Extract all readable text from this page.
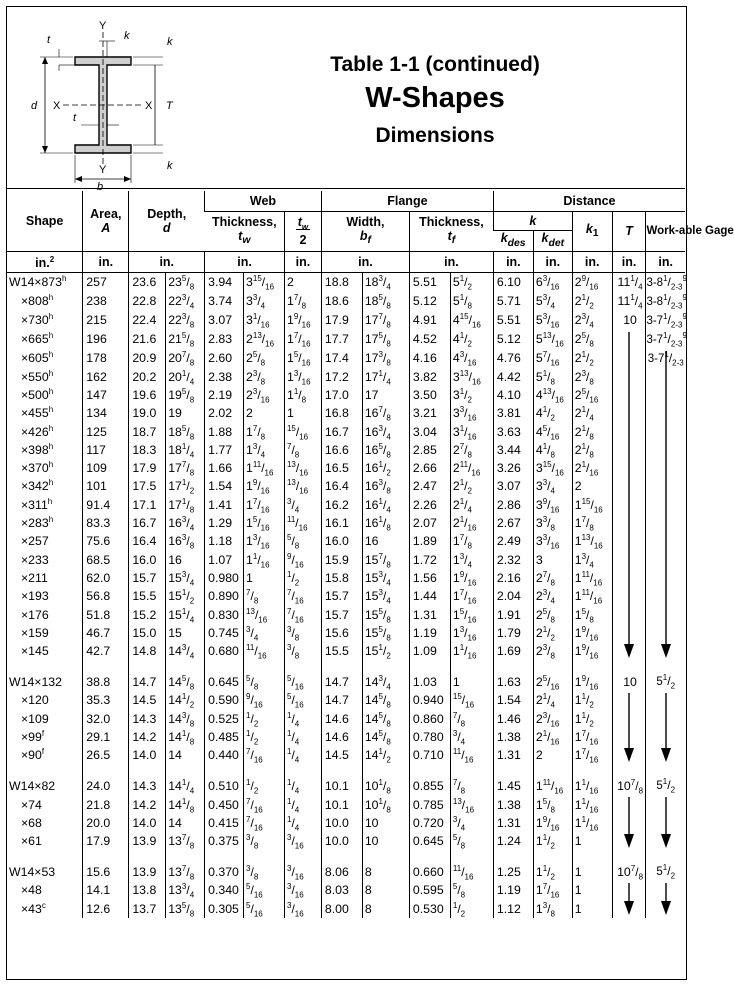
Y
Y
X	X
t	k	k
k
d	T
t
b
Table 1-1 (continued)
W-Shapes
Dimensions
Shape	Area,
A	Depth,
d		Web			Flange				Distance				
				Thickness,
$t_w$		$\frac{t_w}{2}$	Width,
$b_f$		Thickness,
$t_f$		k		$k_1$	T	Work-able Gage
											$k_{des}$	$k_{det}$
in.$^2$	in.	in.		in.		in.	in.		in.		in.	in.	in.	in.	in.
$W14\times 873^h$	257	23.6	$23^5/_8$	3.94	$3^{15}/_{16}$	2	18.8	$18^3/_4$	5.51	$5^1/_2$	6.10	$6^3/_{16}$	$2^9/_{16}$	$11^1/_4$	$3-8^1/_{2-3}^9$
$\times 808^h$	238	22.8	$22^3/_4$	3.74	$3^3/_4$	$1^7/_8$	18.6	$18^5/_8$	5.12	$5^1/_8$	5.71	$5^3/_4$	$2^1/_2$	$11^1/_4$	$3-8^1/_{2-3}^9$
$\times 730^h$	215	22.4	$22^3/_8$	3.07	$3^1/_{16}$	$1^9/_{16}$	17.9	$17^7/_8$	4.91	$4^{15}/_{16}$	5.51	$5^3/_{16}$	$2^3/_4$	10	$3-7^1/_{2-3}^9$
$\times 665^h$	196	21.6	$21^5/_8$	2.83	$2^{13}/_{16}$	$1^7/_{16}$	17.7	$17^5/_8$	4.52	$4^1/_2$	5.12	$5^{13}/_{16}$	$2^5/_8$		$3-7^1/_{2-3}^9$
$\times 605^h$	178	20.9	$20^7/_8$	2.60	$2^5/_8$	$1^5/_{16}$	17.4	$17^3/_8$	4.16	$4^3/_{16}$	4.76	$5^7/_{16}$	$2^1/_2$		$3-7^1/_{2-3}$

$\times 550^h$	162	20.2	$20^1/_4$	2.38	$2^3/_8$	$1^3/_{16}$	17.2	$17^1/_4$	3.82	$3^{13}/_{16}$	4.42	$5^1/_8$	$2^3/_8$		
$\times 500^h$	147	19.6	$19^5/_8$	2.19	$2^3/_{16}$	$1^1/_8$	17.0	17	3.50	$3^1/_2$	4.10	$4^{13}/_{16}$	$2^5/_{16}$		
$\times 455^h$	134	19.0	19	2.02	2	1	16.8	$16^7/_8$	3.21	$3^3/_{16}$	3.81	$4^1/_2$	$2^1/_4$		
$\times 426^h$	125	18.7	$18^5/_8$	1.88	$1^7/_8$	$^{15}/_{16}$	16.7	$16^3/_4$	3.04	$3^1/_{16}$	3.63	$4^5/_{16}$	$2^1/_8$		
$\times 398^h$	117	18.3	$18^1/_4$	1.77	$1^3/_4$	$^7/_8$	16.6	$16^5/_8$	2.85	$2^7/_8$	3.44	$4^1/_8$	$2^1/_8$		
$\times 370^h$	109	17.9	$17^7/_8$	1.66	$1^{11}/_{16}$	$^{13}/_{16}$	16.5	$16^1/_2$	2.66	$2^{11}/_{16}$	3.26	$3^{15}/_{16}$	$2^1/_{16}$		
$\times 342^h$	101	17.5	$17^1/_2$	1.54	$1^9/_{16}$	$^{13}/_{16}$	16.4	$16^3/_8$	2.47	$2^1/_2$	3.07	$3^3/_4$	2		
$\times 311^h$	91.4	17.1	$17^1/_8$	1.41	$1^7/_{16}$	$^3/_4$	16.2	$16^1/_4$	2.26	$2^1/_4$	2.86	$3^9/_{16}$	$1^{15}/_{16}$		
$\times 283^h$	83.3	16.7	$16^3/_4$	1.29	$1^5/_{16}$	$^{11}/_{16}$	16.1	$16^1/_8$	2.07	$2^1/_{16}$	2.67	$3^3/_8$	$1^7/_8$		
×257	75.6	16.4	$16^3/_8$	1.18	$1^3/_{16}$	$^5/_8$	16.0	16	1.89	$1^7/_8$	2.49	$3^3/_{16}$	$1^{13}/_{16}$		
×233	68.5	16.0	16	1.07	$1^1/_{16}$	$^9/_{16}$	15.9	$15^7/_8$	1.72	$1^3/_4$	2.32	3	$1^3/_4$		
×211	62.0	15.7	$15^3/_4$	0.980	1	$^1/_2$	15.8	$15^3/_4$	1.56	$1^9/_{16}$	2.16	$2^7/_8$	$1^{11}/_{16}$		
×193	56.8	15.5	$15^1/_2$	0.890	$^7/_8$	$^7/_{16}$	15.7	$15^3/_4$	1.44	$1^7/_{16}$	2.04	$2^3/_4$	$1^{11}/_{16}$		
×176	51.8	15.2	$15^1/_4$	0.830	$^{13}/_{16}$	$^7/_{16}$	15.7	$15^5/_8$	1.31	$1^5/_{16}$	1.91	$2^5/_8$	$1^5/_8$		
×159	46.7	15.0	15	0.745	$^3/_4$	$^3/_8$	15.6	$15^5/_8$	1.19	$1^3/_{16}$	1.79	$2^1/_2$	$1^9/_{16}$		
×145	42.7	14.8	$14^3/_4$	0.680	$^{11}/_{16}$	$^3/_8$	15.5	$15^1/_2$	1.09	$1^1/_{16}$	1.69	$2^3/_8$	$1^9/_{16}$		

W14×132	38.8	14.7	$14^5/_8$	0.645	$^5/_8$	$^5/_{16}$	14.7	$14^3/_4$	1.03	1	1.63	$2^5/_{16}$	$1^9/_{16}$	10	$5^1/_2$
×120	35.3	14.5	$14^1/_2$	0.590	$^9/_{16}$	$^5/_{16}$	14.7	$14^5/_8$	0.940	$^{15}/_{16}$	1.54	$2^1/_4$	$1^1/_2$	

×109	32.0	14.3	$14^3/_8$	0.525	$^1/_2$	$^1/_4$	14.6	$14^5/_8$	0.860	$^7/_8$	1.46	$2^3/_{16}$	$1^1/_2$		
$\times 99^f$	29.1	14.2	$14^1/_8$	0.485	$^1/_2$	$^1/_4$	14.6	$14^5/_8$	0.780	$^3/_4$	1.38	$2^1/_{16}$	$1^7/_{16}$		
$\times 90^f$	26.5	14.0	14	0.440	$^7/_{16}$	$^1/_4$	14.5	$14^1/_2$	0.710	$^{11}/_{16}$	1.31	2	$1^7/_{16}$		

W14×82	24.0	14.3	$14^1/_4$	0.510	$^1/_2$	$^1/_4$	10.1	$10^1/_8$	0.855	$^7/_8$	1.45	$1^{11}/_{16}$	$1^1/_{16}$	$10^7/_8$	$5^1/_2$
×74	21.8	14.2	$14^1/_8$	0.450	$^7/_{16}$	$^1/_4$	10.1	$10^1/_8$	0.785	$^{13}/_{16}$	1.38	$1^5/_8$	$1^1/_{16}$	

×68	20.0	14.0	14	0.415	$^7/_{16}$	$^1/_4$	10.0	10	0.720	$^3/_4$	1.31	$1^9/_{16}$	$1^1/_{16}$		
×61	17.9	13.9	$13^7/_8$	0.375	$^3/_8$	$^3/_{16}$	10.0	10	0.645	$^5/_8$	1.24	$1^1/_2$	1		

W14×53	15.6	13.9	$13^7/_8$	0.370	$^3/_8$	$^3/_{16}$	8.06	8	0.660	$^{11}/_{16}$	1.25	$1^1/_2$	1	$10^7/_8$	$5^1/_2$
×48	14.1	13.8	$13^3/_4$	0.340	$^5/_{16}$	$^3/_{16}$	8.03	8	0.595	$^5/_8$	1.19	$1^7/_{16}$	1	

$\times 43^c$	12.6	13.7	$13^5/_8$	0.305	$^5/_{16}$	$^3/_{16}$	8.00	8	0.530	$^1/_2$	1.12	$1^3/_8$	1		
